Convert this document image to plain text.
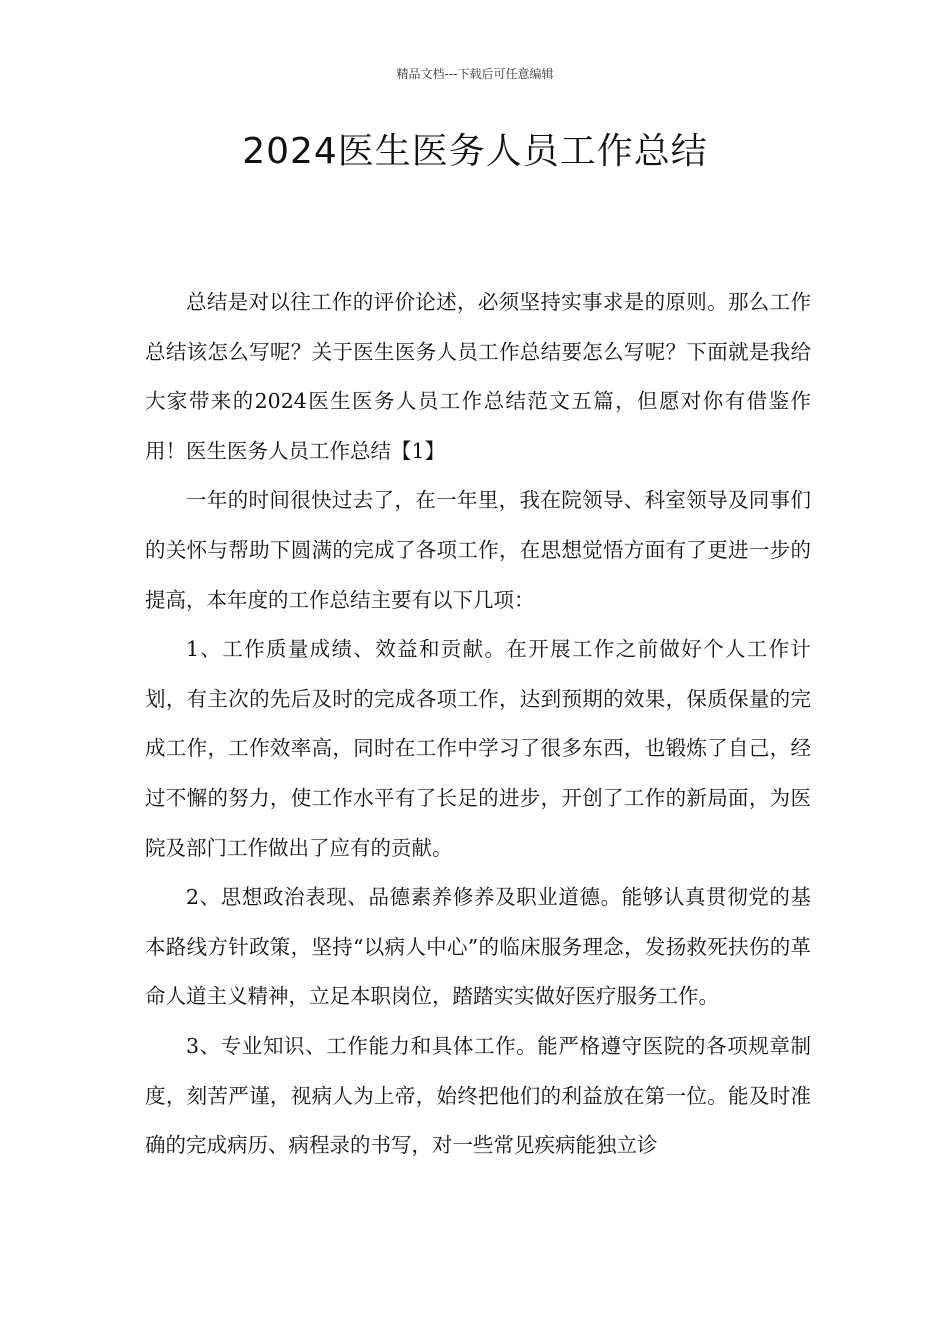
精品文档---下载后可任意编辑
2024医生医务人员工作总结

总结是对以往工作的评价论述，必须坚持实事求是的原则。那么工作总结该怎么写呢？关于医生医务人员工作总结要怎么写呢？下面就是我给大家带来的2024医生医务人员工作总结范文五篇，但愿对你有借鉴作用！医生医务人员工作总结【1】

一年的时间很快过去了，在一年里，我在院领导、科室领导及同事们的关怀与帮助下圆满的完成了各项工作，在思想觉悟方面有了更进一步的提高，本年度的工作总结主要有以下几项：

1、工作质量成绩、效益和贡献。在开展工作之前做好个人工作计划，有主次的先后及时的完成各项工作，达到预期的效果，保质保量的完成工作，工作效率高，同时在工作中学习了很多东西，也锻炼了自己，经过不懈的努力，使工作水平有了长足的进步，开创了工作的新局面，为医院及部门工作做出了应有的贡献。

2、思想政治表现、品德素养修养及职业道德。能够认真贯彻党的基本路线方针政策，坚持“以病人中心”的临床服务理念，发扬救死扶伤的革命人道主义精神，立足本职岗位，踏踏实实做好医疗服务工作。

3、专业知识、工作能力和具体工作。能严格遵守医院的各项规章制度，刻苦严谨，视病人为上帝，始终把他们的利益放在第一位。能及时准确的完成病历、病程录的书写，对一些常见疾病能独立诊
